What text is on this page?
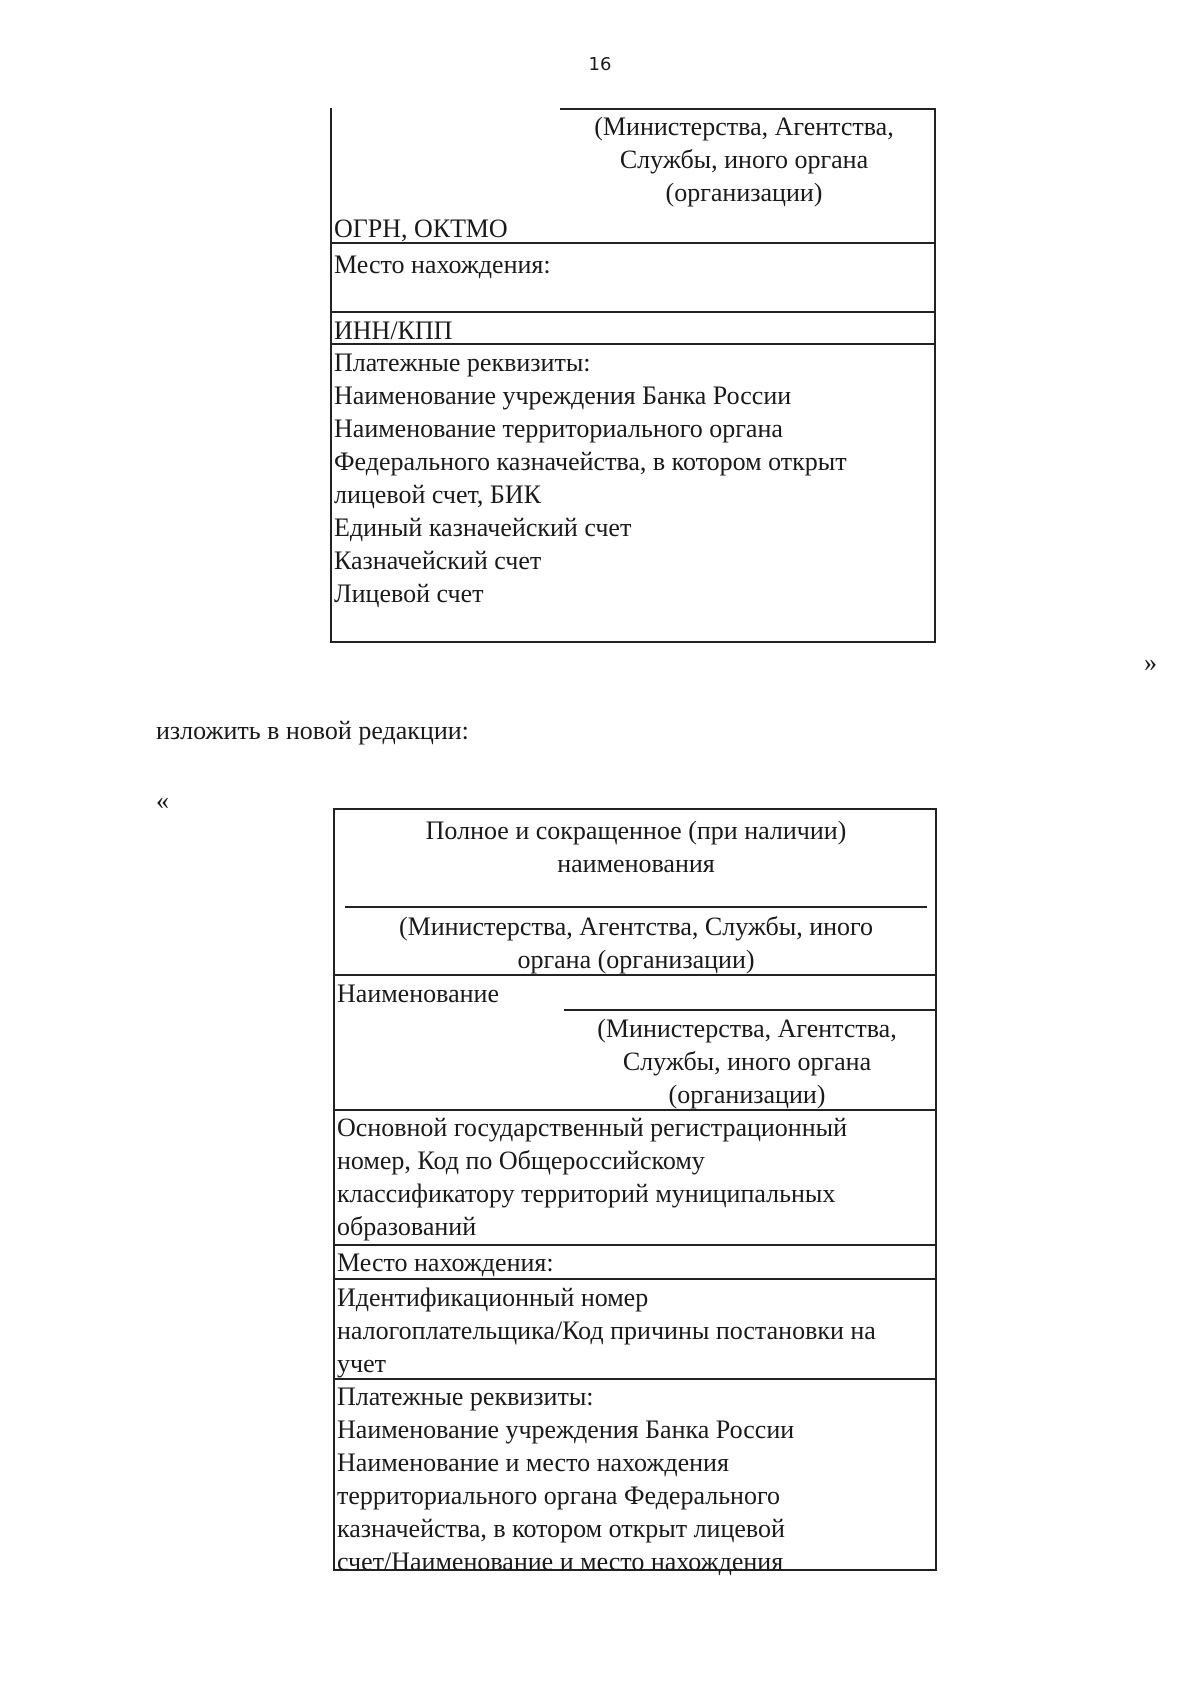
16
(Министерства, Агентства,
Службы, иного органа
(организации)
ОГРН, ОКТМО
Место нахождения:
ИНН/КПП
Платежные реквизиты:
Наименование учреждения Банка России
Наименование территориального органа
Федерального казначейства, в котором открыт
лицевой счет, БИК
Единый казначейский счет
Казначейский счет
Лицевой счет
»
изложить в новой редакции:
«
Полное и сокращенное (при наличии)
наименования
(Министерства, Агентства, Службы, иного
органа (организации)
Наименование
(Министерства, Агентства,
Службы, иного органа
(организации)
Основной государственный регистрационный
номер, Код по Общероссийскому
классификатору территорий муниципальных
образований
Место нахождения:
Идентификационный номер
налогоплательщика/Код причины постановки на
учет
Платежные реквизиты:
Наименование учреждения Банка России
Наименование и место нахождения
территориального органа Федерального
казначейства, в котором открыт лицевой
счет/Наименование и место нахождения
